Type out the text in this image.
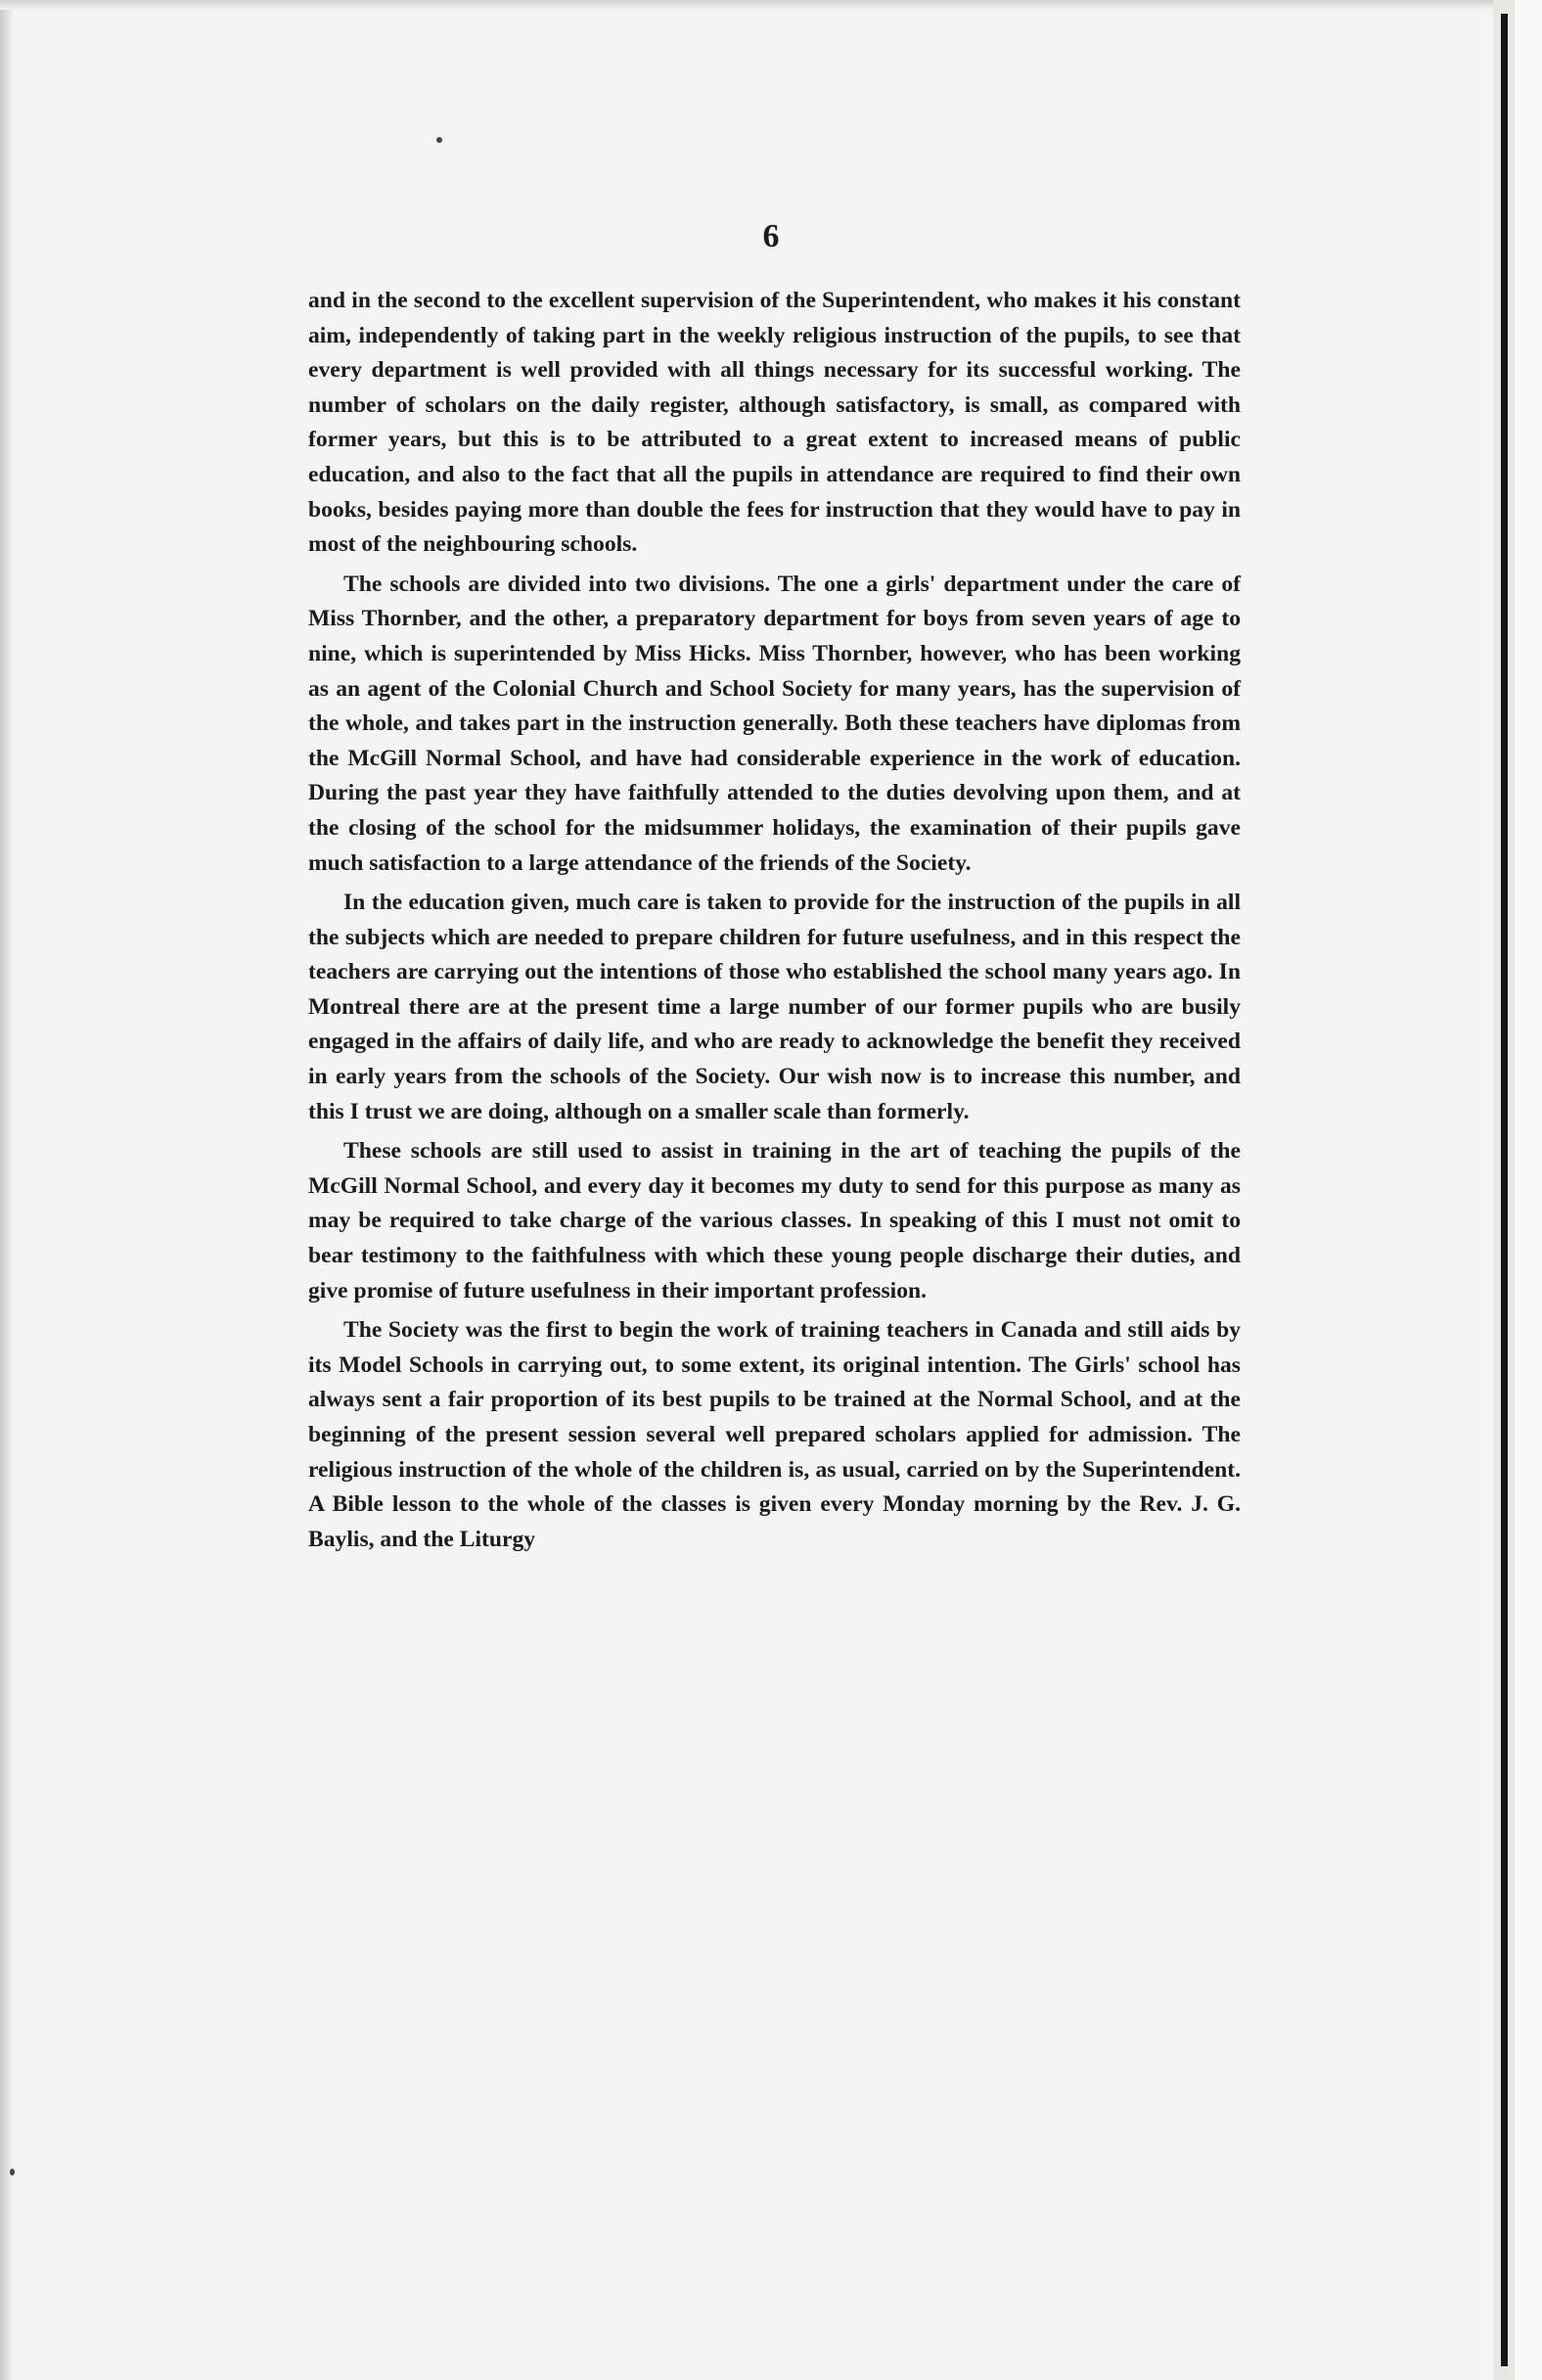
6

and in the second to the excellent supervision of the Superintendent, who makes it his constant aim, independently of taking part in the weekly religious instruction of the pupils, to see that every department is well provided with all things necessary for its successful working. The number of scholars on the daily register, although satisfactory, is small, as compared with former years, but this is to be attributed to a great extent to increased means of public education, and also to the fact that all the pupils in attendance are required to find their own books, besides paying more than double the fees for instruction that they would have to pay in most of the neighbouring schools.

The schools are divided into two divisions. The one a girls' department under the care of Miss Thornber, and the other, a preparatory department for boys from seven years of age to nine, which is superintended by Miss Hicks. Miss Thornber, however, who has been working as an agent of the Colonial Church and School Society for many years, has the supervision of the whole, and takes part in the instruction generally. Both these teachers have diplomas from the McGill Normal School, and have had considerable experience in the work of education. During the past year they have faithfully attended to the duties devolving upon them, and at the closing of the school for the midsummer holidays, the examination of their pupils gave much satisfaction to a large attendance of the friends of the Society.

In the education given, much care is taken to provide for the instruction of the pupils in all the subjects which are needed to prepare children for future usefulness, and in this respect the teachers are carrying out the intentions of those who established the school many years ago. In Montreal there are at the present time a large number of our former pupils who are busily engaged in the affairs of daily life, and who are ready to acknowledge the benefit they received in early years from the schools of the Society. Our wish now is to increase this number, and this I trust we are doing, although on a smaller scale than formerly.

These schools are still used to assist in training in the art of teaching the pupils of the McGill Normal School, and every day it becomes my duty to send for this purpose as many as may be required to take charge of the various classes. In speaking of this I must not omit to bear testimony to the faithfulness with which these young people discharge their duties, and give promise of future usefulness in their important profession.

The Society was the first to begin the work of training teachers in Canada and still aids by its Model Schools in carrying out, to some extent, its original intention. The Girls' school has always sent a fair proportion of its best pupils to be trained at the Normal School, and at the beginning of the present session several well prepared scholars applied for admission. The religious instruction of the whole of the children is, as usual, carried on by the Superintendent. A Bible lesson to the whole of the classes is given every Monday morning by the Rev. J. G. Baylis, and the Liturgy
